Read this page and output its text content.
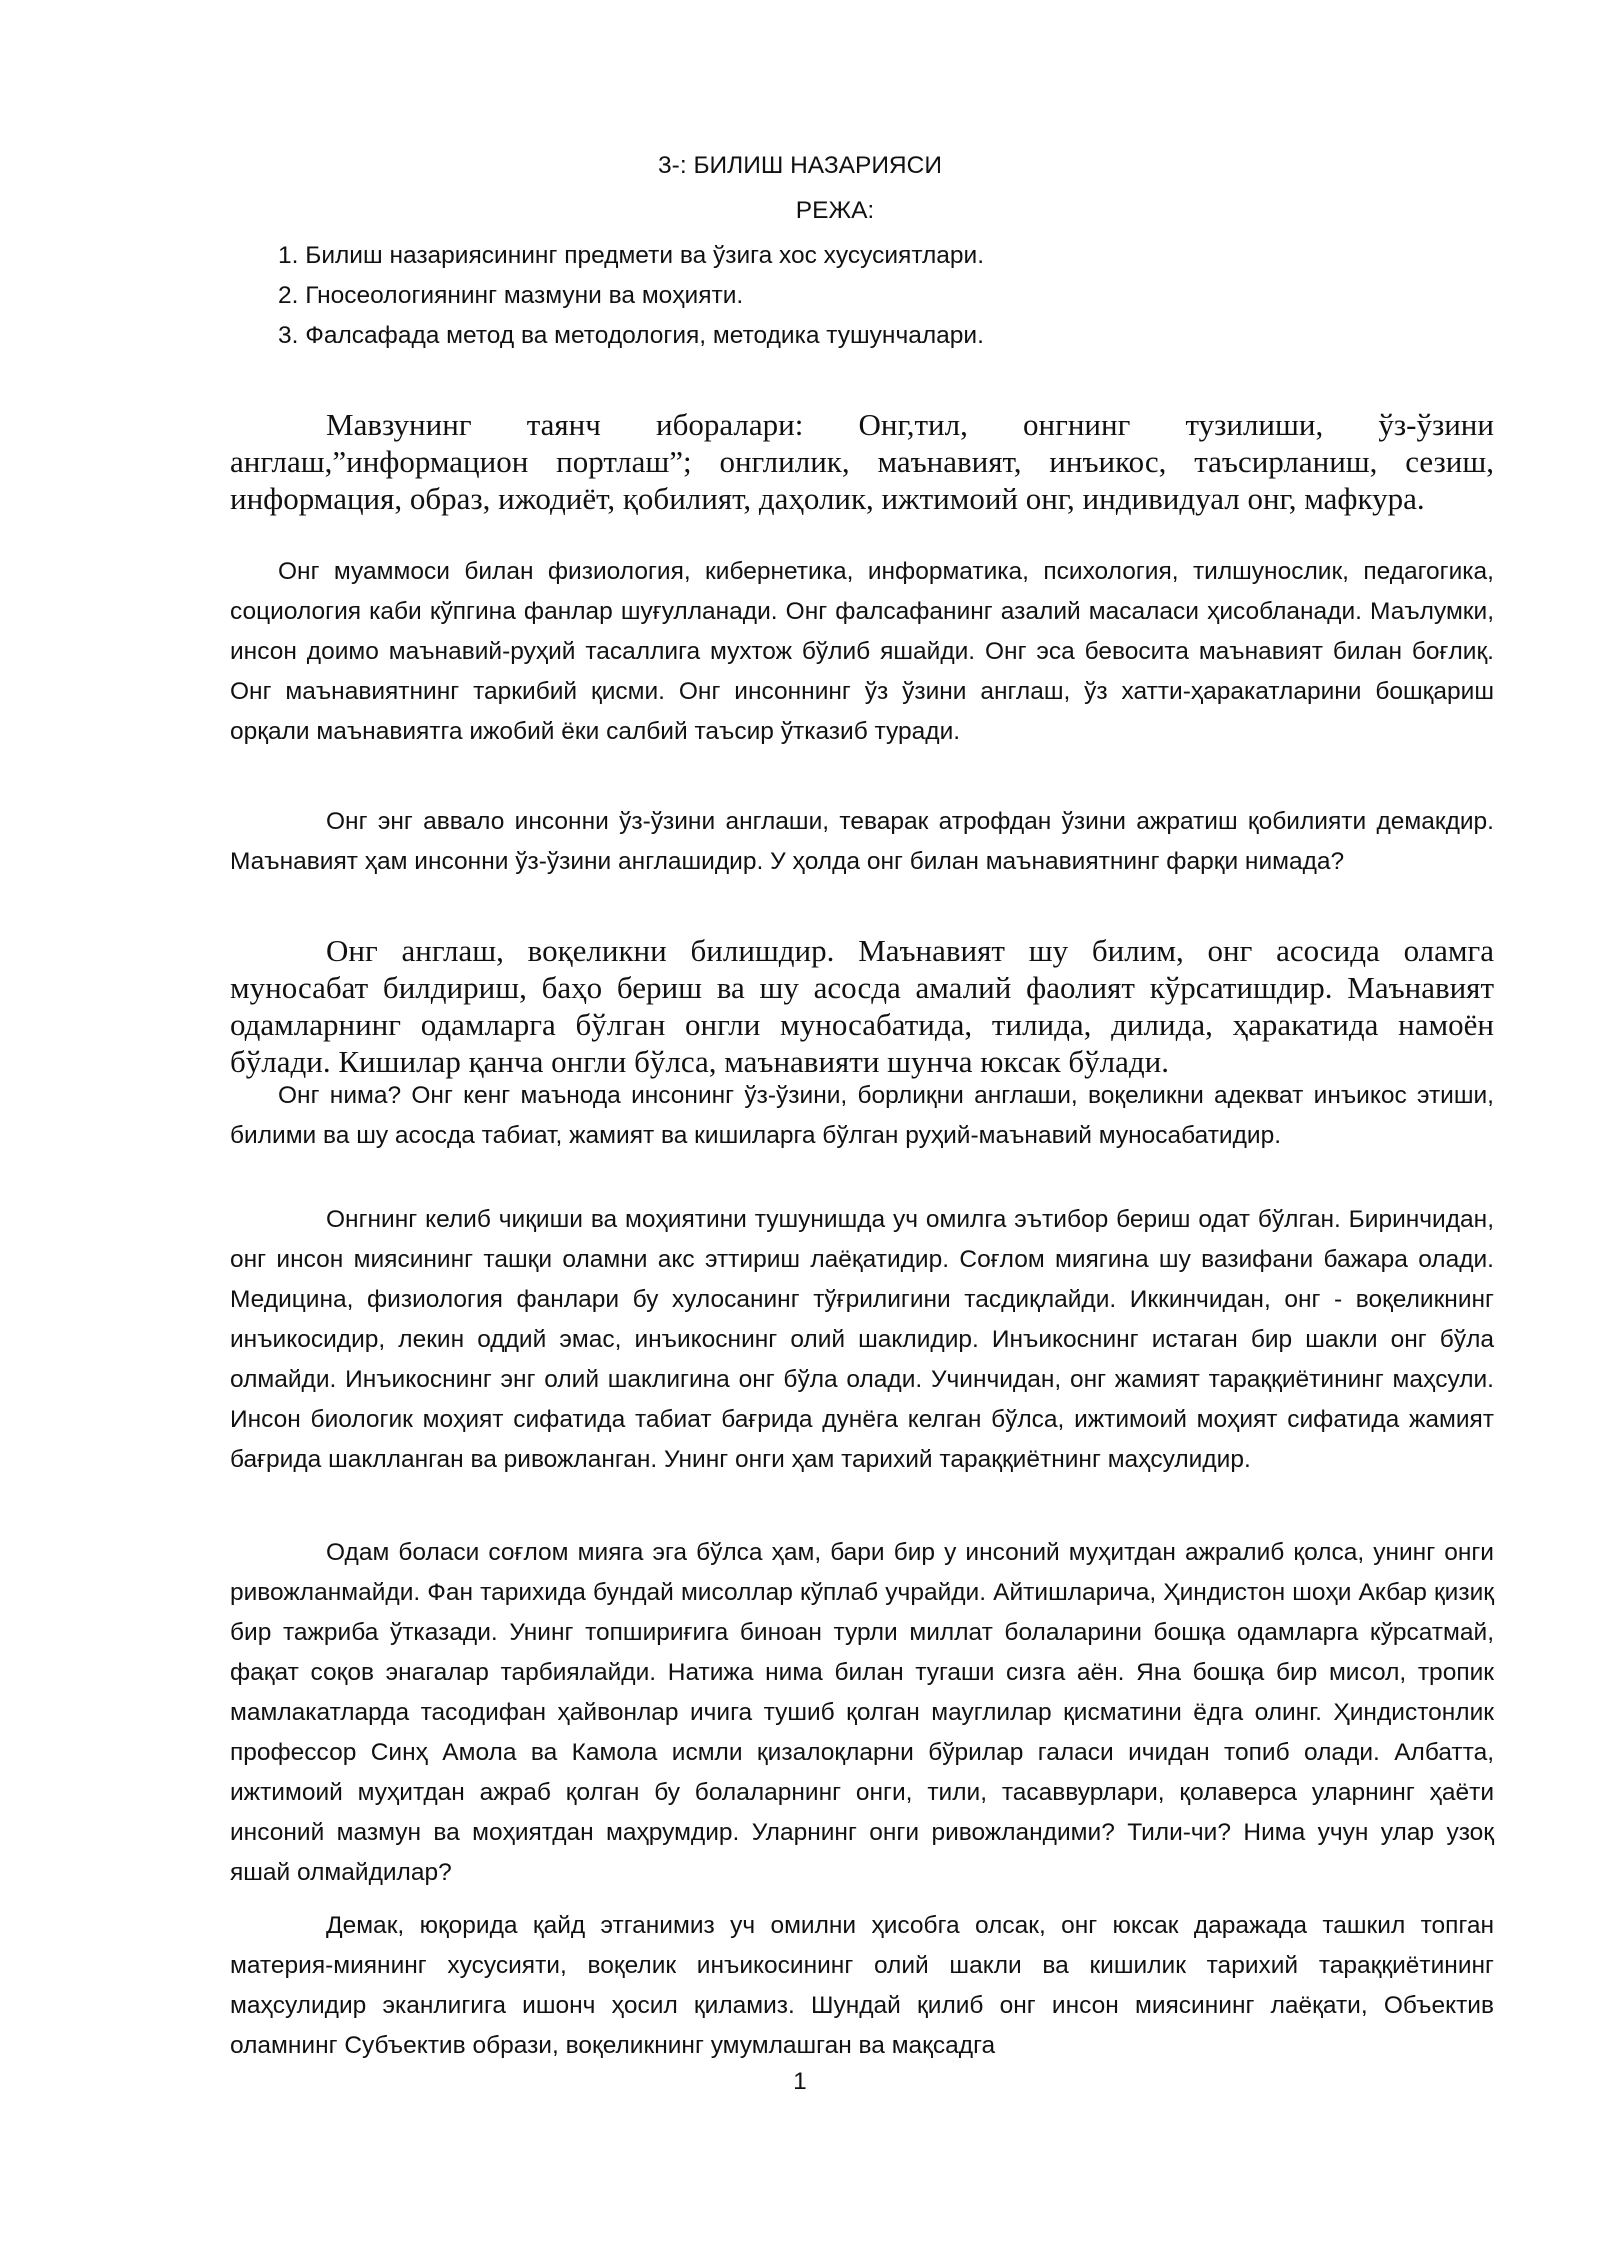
3-: БИЛИШ НАЗАРИЯСИ
РЕЖА:
1. Билиш назариясининг предмети ва ўзига хос хусусиятлари.
2. Гносеологиянинг мазмуни ва моҳияти.
3. Фалсафада метод ва методология, методика тушунчалари.

Мавзунинг таянч иборалари: Онг,тил, онгнинг тузилиши, ўз-ўзини англаш,”информацион портлаш”; онглилик, маънавият, инъикос, таъсирланиш, сезиш, информация, образ, ижодиёт, қобилият, даҳолик, ижтимоий онг, индивидуал онг, мафкура.

Онг муаммоси билан физиология, кибернетика, информатика, психология, тилшунослик, педагогика, социология каби кўпгина фанлар шуғулланади. Онг фалсафанинг азалий масаласи ҳисобланади. Маълумки, инсон доимо маънавий-руҳий тасаллига мухтож бўлиб яшайди. Онг эса бевосита маънавият билан боғлиқ. Онг маънавиятнинг таркибий қисми. Онг инсоннинг ўз ўзини англаш, ўз хатти-ҳаракатларини бошқариш орқали маънавиятга ижобий ёки салбий таъсир ўтказиб туради.

Онг энг аввало инсонни ўз-ўзини англаши, теварак атрофдан ўзини ажратиш қобилияти демакдир. Маънавият ҳам инсонни ўз-ўзини англашидир. У ҳолда онг билан маънавиятнинг фарқи нимада?

Онг англаш, воқеликни билишдир. Маънавият шу билим, онг асосида оламга муносабат билдириш, баҳо бериш ва шу асосда амалий фаолият кўрсатишдир. Маънавият одамларнинг одамларга бўлган онгли муносабатида, тилида, дилида, ҳаракатида намоён бўлади. Кишилар қанча онгли бўлса, маънавияти шунча юксак бўлади.

Онг нима? Онг кенг маънода инсонинг ўз-ўзини, борлиқни англаши, воқеликни адекват инъикос этиши, билими ва шу асосда табиат, жамият ва кишиларга бўлган руҳий-маънавий муносабатидир.

Онгнинг келиб чиқиши ва моҳиятини тушунишда уч омилга эътибор бериш одат бўлган. Биринчидан, онг инсон миясининг ташқи оламни акс эттириш лаёқатидир. Соғлом миягина шу вазифани бажара олади. Медицина, физиология фанлари бу хулосанинг тўғрилигини тасдиқлайди. Иккинчидан, онг - воқеликнинг инъикосидир, лекин оддий эмас, инъикоснинг олий шаклидир. Инъикоснинг истаган бир шакли онг бўла олмайди. Инъикоснинг энг олий шаклигина онг бўла олади. Учинчидан, онг жамият тараққиётининг маҳсули. Инсон биологик моҳият сифатида табиат бағрида дунёга келган бўлса, ижтимоий моҳият сифатида жамият бағрида шаклланган ва ривожланган. Унинг онги ҳам тарихий тараққиётнинг маҳсулидир.

Одам боласи соғлом мияга эга бўлса ҳам, бари бир у инсоний муҳитдан ажралиб қолса, унинг онги ривожланмайди. Фан тарихида бундай мисоллар кўплаб учрайди. Айтишларича, Ҳиндистон шоҳи Акбар қизиқ бир тажриба ўтказади. Унинг топшириғига биноан турли миллат болаларини бошқа одамларга кўрсатмай, фақат соқов энагалар тарбиялайди. Натижа нима билан тугаши сизга аён. Яна бошқа бир мисол, тропик мамлакатларда тасодифан ҳайвонлар ичига тушиб қолган мауглилар қисматини ёдга олинг. Ҳиндистонлик профессор Синҳ Амола ва Камола исмли қизалоқларни бўрилар галаси ичидан топиб олади. Албатта, ижтимоий муҳитдан ажраб қолган бу болаларнинг онги, тили, тасаввурлари, қолаверса уларнинг ҳаёти инсоний мазмун ва моҳиятдан маҳрумдир. Уларнинг онги ривожландими? Тили-чи? Нима учун улар узоқ яшай олмайдилар?

Демак, юқорида қайд этганимиз уч омилни ҳисобга олсак, онг юксак даражада ташкил топган материя-миянинг хусусияти, воқелик инъикосининг олий шакли ва кишилик тарихий тараққиётининг маҳсулидир эканлигига ишонч ҳосил қиламиз. Шундай қилиб онг инсон миясининг лаёқати, Объектив оламнинг Субъектив образи, воқеликнинг умумлашган ва мақсадга

1
